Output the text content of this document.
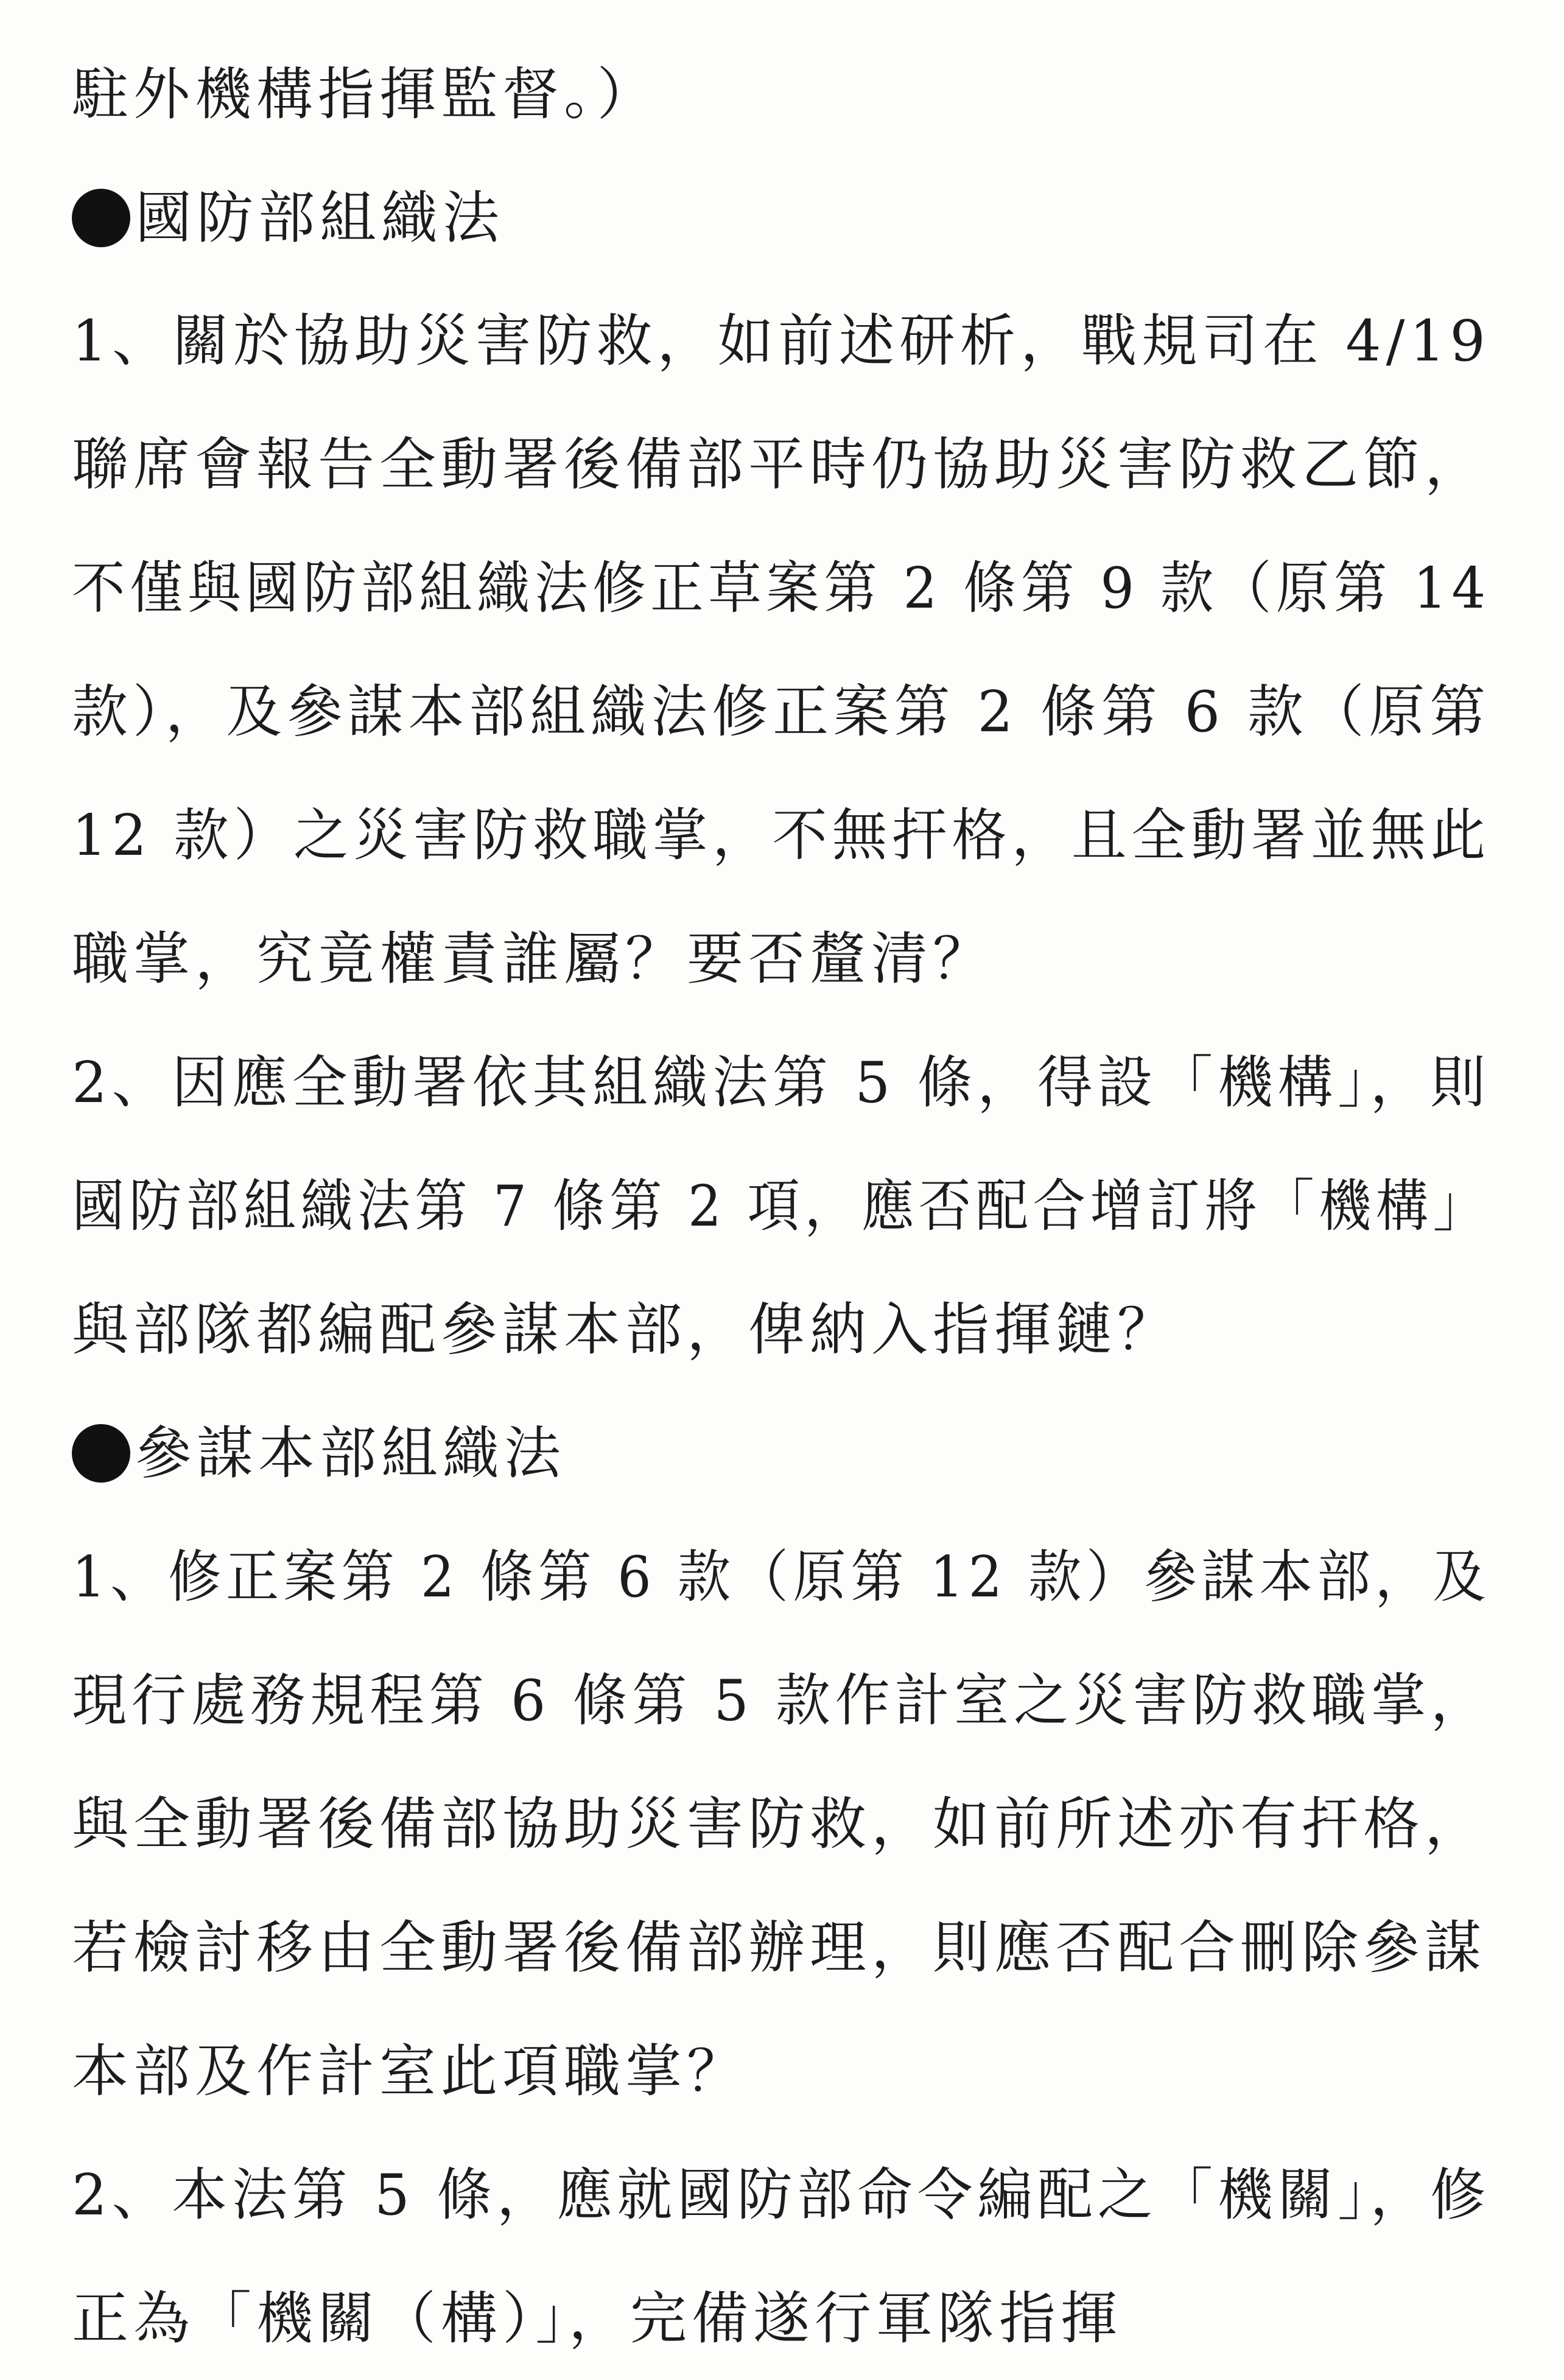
駐外機構指揮監督。）
國防部組織法
1、關於協助災害防救，如前述研析，戰規司在 4/19
聯席會報告全動署後備部平時仍協助災害防救乙節，
不僅與國防部組織法修正草案第 2 條第 9 款（原第 14
款），及參謀本部組織法修正案第 2 條第 6 款（原第
12 款）之災害防救職掌，不無扞格，且全動署並無此
職掌，究竟權責誰屬？要否釐清？
2、因應全動署依其組織法第 5 條，得設「機構」，則
國防部組織法第 7 條第 2 項，應否配合增訂將「機構」
與部隊都編配參謀本部，俾納入指揮鏈？
參謀本部組織法
1、修正案第 2 條第 6 款（原第 12 款）參謀本部，及
現行處務規程第 6 條第 5 款作計室之災害防救職掌，
與全動署後備部協助災害防救，如前所述亦有扞格，
若檢討移由全動署後備部辦理，則應否配合刪除參謀
本部及作計室此項職掌？
2、本法第 5 條，應就國防部命令編配之「機關」，修
正為「機關（構）」，完備遂行軍隊指揮
